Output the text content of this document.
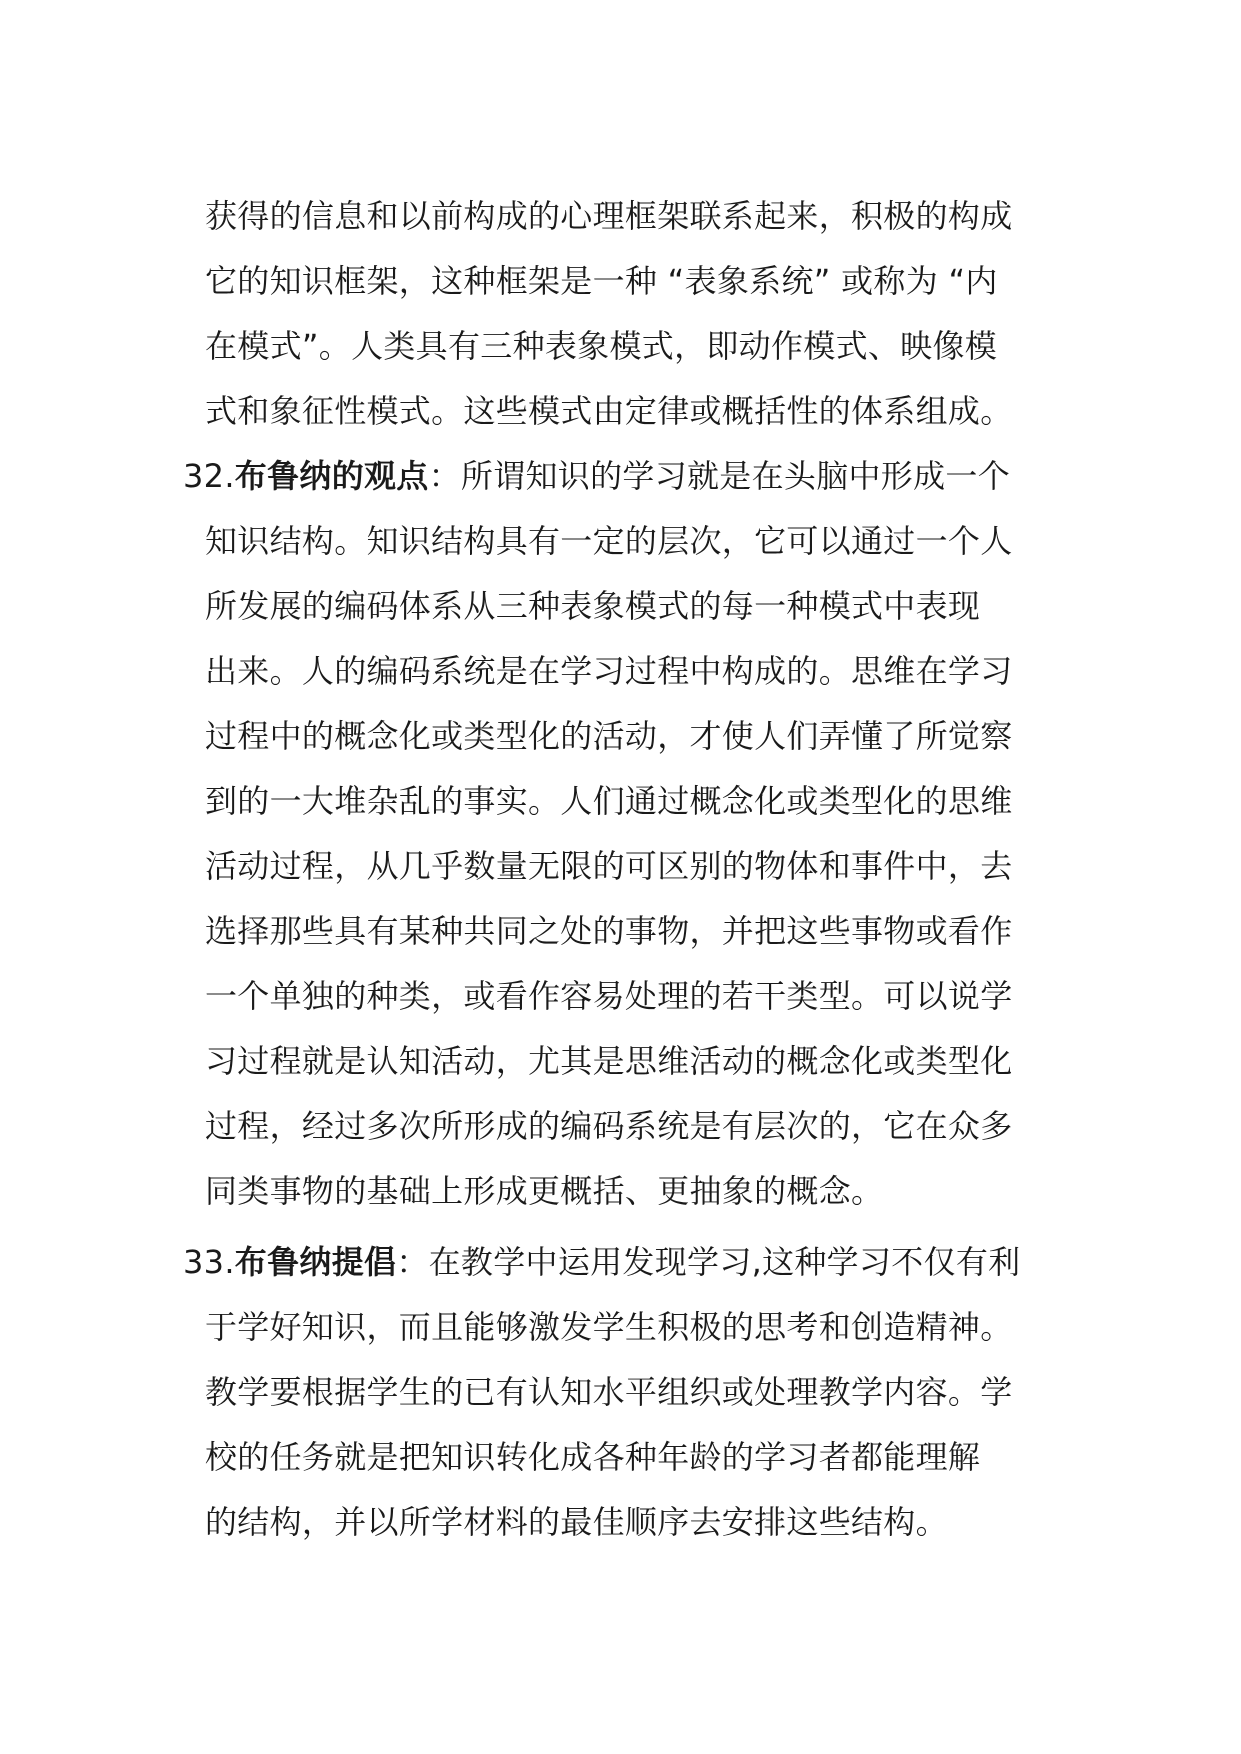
获得的信息和以前构成的心理框架联系起来，积极的构成
它的知识框架，这种框架是一种 “表象系统” 或称为 “内
在模式”。人类具有三种表象模式，即动作模式、映像模
式和象征性模式。这些模式由定律或概括性的体系组成。
32.布鲁纳的观点：所谓知识的学习就是在头脑中形成一个
知识结构。知识结构具有一定的层次，它可以通过一个人
所发展的编码体系从三种表象模式的每一种模式中表现
出来。人的编码系统是在学习过程中构成的。思维在学习
过程中的概念化或类型化的活动，才使人们弄懂了所觉察
到的一大堆杂乱的事实。人们通过概念化或类型化的思维
活动过程，从几乎数量无限的可区别的物体和事件中，去
选择那些具有某种共同之处的事物，并把这些事物或看作
一个单独的种类，或看作容易处理的若干类型。可以说学
习过程就是认知活动，尤其是思维活动的概念化或类型化
过程，经过多次所形成的编码系统是有层次的，它在众多
同类事物的基础上形成更概括、更抽象的概念。
33.布鲁纳提倡：在教学中运用发现学习,这种学习不仅有利
于学好知识，而且能够激发学生积极的思考和创造精神。
教学要根据学生的已有认知水平组织或处理教学内容。学
校的任务就是把知识转化成各种年龄的学习者都能理解
的结构，并以所学材料的最佳顺序去安排这些结构。
